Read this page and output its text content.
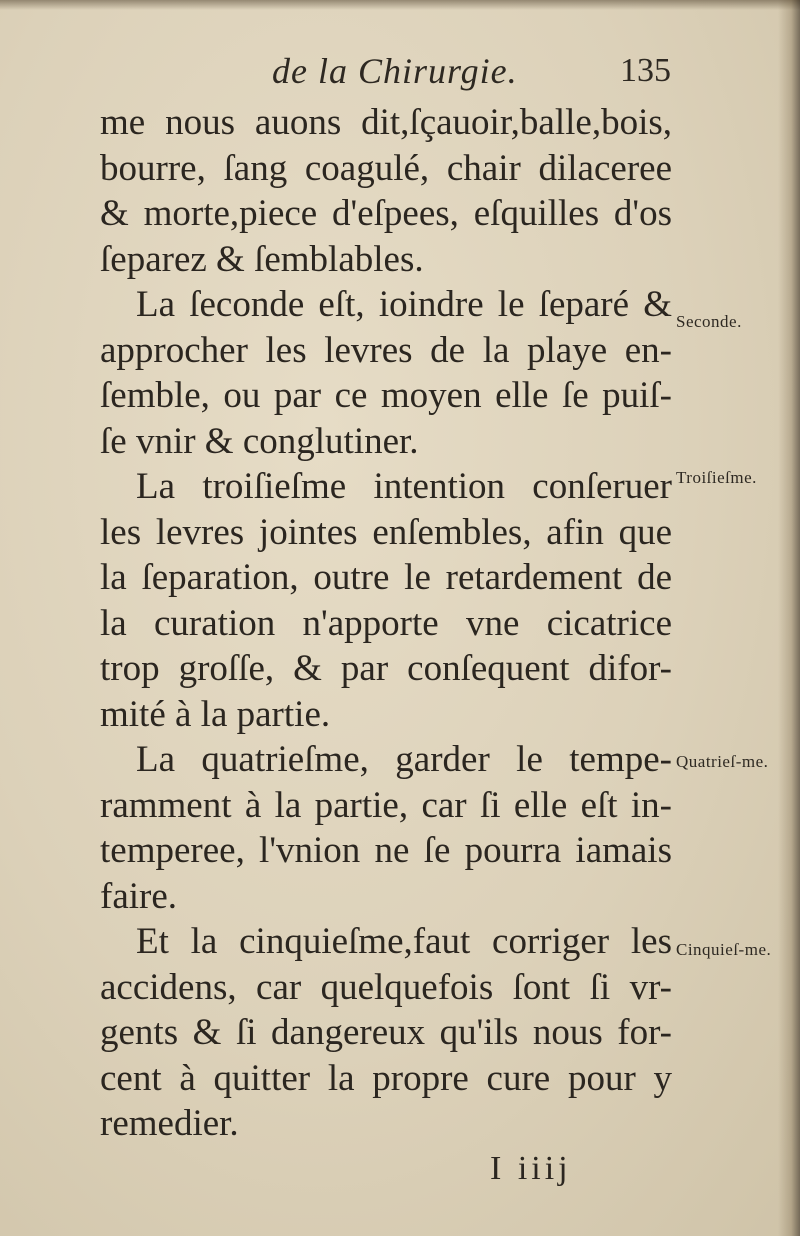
de la Chirurgie.	135
me nous auons dit,ſçauoir,balle,bois,
bourre, ſang coagulé, chair dilaceree
& morte,piece d'eſpees, eſquilles d'os
ſeparez & ſemblables.
La ſeconde eſt, ioindre le ſeparé &
approcher les levres de la playe en-
ſemble, ou par ce moyen elle ſe puiſ-
ſe vnir & conglutiner.
La troiſieſme intention conſeruer
les levres jointes enſembles, afin que
la ſeparation, outre le retardement de
la curation n'apporte vne cicatrice
trop groſſe, & par conſequent difor-
mité à la partie.
La quatrieſme, garder le tempe-
ramment à la partie, car ſi elle eſt in-
temperee, l'vnion ne ſe pourra iamais
faire.
Et la cinquieſme,faut corriger les
accidens, car quelquefois ſont ſi vr-
gents & ſi dangereux qu'ils nous for-
cent à quitter la propre cure pour y
remedier.
Seconde.
Troiſieſme.
Quatrieſ-me.
Cinquieſ-me.
I iiij
